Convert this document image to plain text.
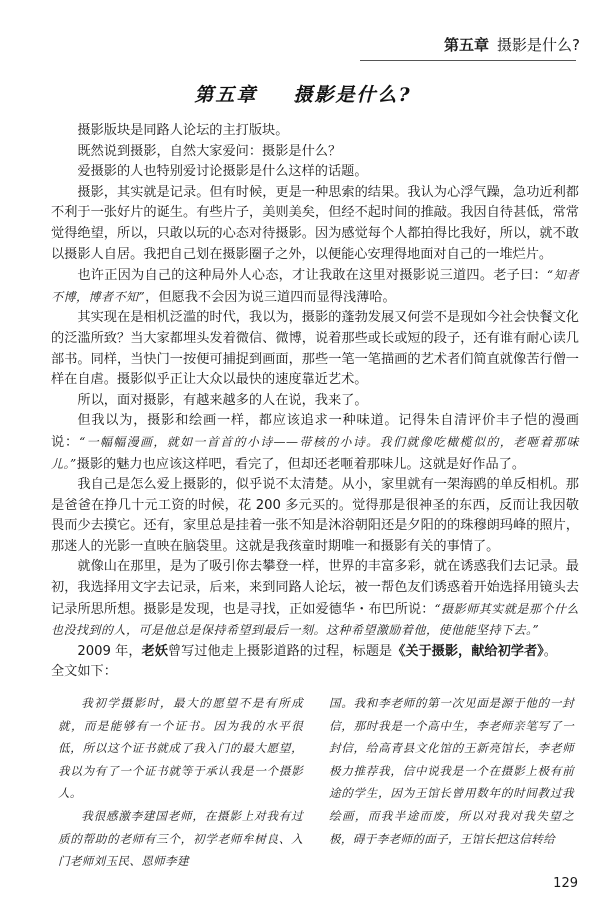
第五章 摄影是什么?
第五章 摄影是什么?

摄影版块是同路人论坛的主打版块。

既然说到摄影，自然大家爱问：摄影是什么？

爱摄影的人也特别爱讨论摄影是什么这样的话题。

摄影，其实就是记录。但有时候，更是一种思索的结果。我认为心浮气躁，急功近利都不利于一张好片的诞生。有些片子，美则美矣，但经不起时间的推敲。我因自待甚低，常常觉得绝望，所以，只敢以玩的心态对待摄影。因为感觉每个人都拍得比我好，所以，就不敢以摄影人自居。我把自己划在摄影圈子之外，以便能心安理得地面对自己的一堆烂片。

也许正因为自己的这种局外人心态，才让我敢在这里对摄影说三道四。老子曰：“知者不博，博者不知”，但愿我不会因为说三道四而显得浅薄哈。

其实现在是相机泛滥的时代，我以为，摄影的蓬勃发展又何尝不是现如今社会快餐文化的泛滥所致？当大家都埋头发着微信、微博，说着那些或长或短的段子，还有谁有耐心读几部书。同样，当快门一按便可捕捉到画面，那些一笔一笔描画的艺术者们简直就像苦行僧一样在自虐。摄影似乎正让大众以最快的速度靠近艺术。

所以，面对摄影，有越来越多的人在说，我来了。

但我以为，摄影和绘画一样，都应该追求一种味道。记得朱自清评价丰子恺的漫画说：“一幅幅漫画，就如一首首的小诗——带核的小诗。我们就像吃橄榄似的，老咂着那味儿。”摄影的魅力也应该这样吧，看完了，但却还老咂着那味儿。这就是好作品了。

我自己是怎么爱上摄影的，似乎说不太清楚。从小，家里就有一架海鸥的单反相机。那是爸爸在挣几十元工资的时候，花 200 多元买的。觉得那是很神圣的东西，反而让我因敬畏而少去摸它。还有，家里总是挂着一张不知是沐浴朝阳还是夕阳的的珠穆朗玛峰的照片，那迷人的光影一直映在脑袋里。这就是我孩童时期唯一和摄影有关的事情了。

就像山在那里，是为了吸引你去攀登一样，世界的丰富多彩，就在诱惑我们去记录。最初，我选择用文字去记录，后来，来到同路人论坛，被一帮色友们诱惑着开始选择用镜头去记录所思所想。摄影是发现，也是寻找，正如爱德华・布巴所说：“摄影师其实就是那个什么也没找到的人，可是他总是保持希望到最后一刻。这种希望激励着他，使他能坚持下去。”

2009 年，老妖曾写过他走上摄影道路的过程，标题是《关于摄影，献给初学者》。

全文如下：

我初学摄影时，最大的愿望不是有所成就，而是能够有一个证书。因为我的水平很低，所以这个证书就成了我入门的最大愿望，我以为有了一个证书就等于承认我是一个摄影人。

我很感激李建国老师，在摄影上对我有过质的帮助的老师有三个，初学老师牟树良、入门老师刘玉民、恩师李建

国。我和李老师的第一次见面是源于他的一封信，那时我是一个高中生，李老师亲笔写了一封信，给高青县文化馆的王新亮馆长，李老师极力推荐我，信中说我是一个在摄影上极有前途的学生，因为王馆长曾用数年的时间教过我绘画，而我半途而废，所以对我对我失望之极，碍于李老师的面子，王馆长把这信转给

129
